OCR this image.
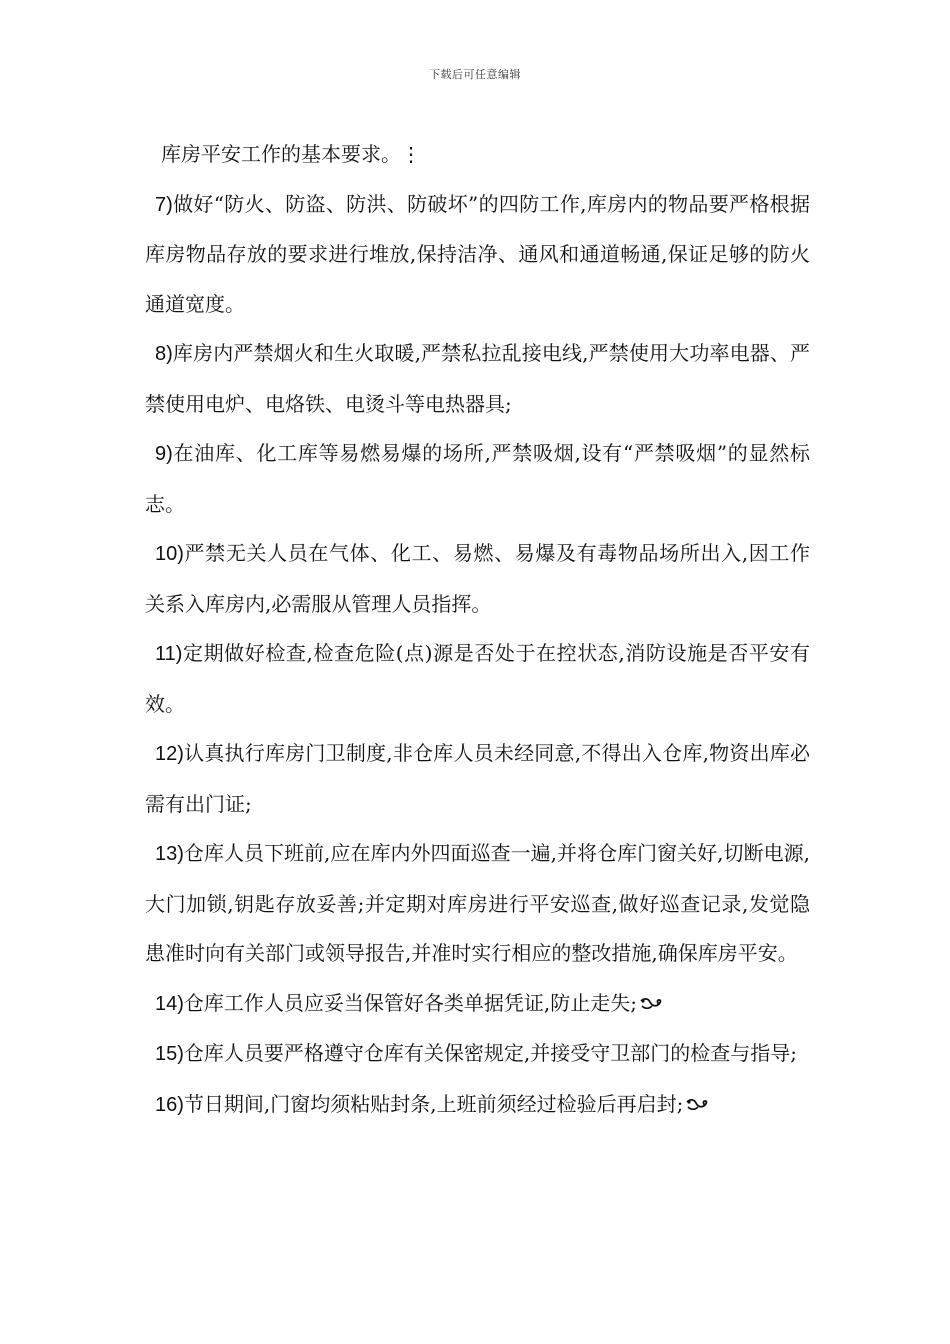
下载后可任意编辑

库房平安工作的基本要求。⋮

7)做好“防火、防盗、防洪、防破坏”的四防工作,库房内的物品要严格根据库房物品存放的要求进行堆放,保持洁净、通风和通道畅通,保证足够的防火通道宽度。

8)库房内严禁烟火和生火取暖,严禁私拉乱接电线,严禁使用大功率电器、严禁使用电炉、电烙铁、电烫斗等电热器具;

9)在油库、化工库等易燃易爆的场所,严禁吸烟,设有“严禁吸烟”的显然标志。

10)严禁无关人员在气体、化工、易燃、易爆及有毒物品场所出入,因工作关系入库房内,必需服从管理人员指挥。

11)定期做好检查,检查危险(点)源是否处于在控状态,消防设施是否平安有效。

12)认真执行库房门卫制度,非仓库人员未经同意,不得出入仓库,物资出库必需有出门证;

13)仓库人员下班前,应在库内外四面巡查一遍,并将仓库门窗关好,切断电源,大门加锁,钥匙存放妥善;并定期对库房进行平安巡查,做好巡查记录,发觉隐患准时向有关部门或领导报告,并准时实行相应的整改措施,确保库房平安。

14)仓库工作人员应妥当保管好各类单据凭证,防止走失;

15)仓库人员要严格遵守仓库有关保密规定,并接受守卫部门的检查与指导;

16)节日期间,门窗均须粘贴封条,上班前须经过检验后再启封;
